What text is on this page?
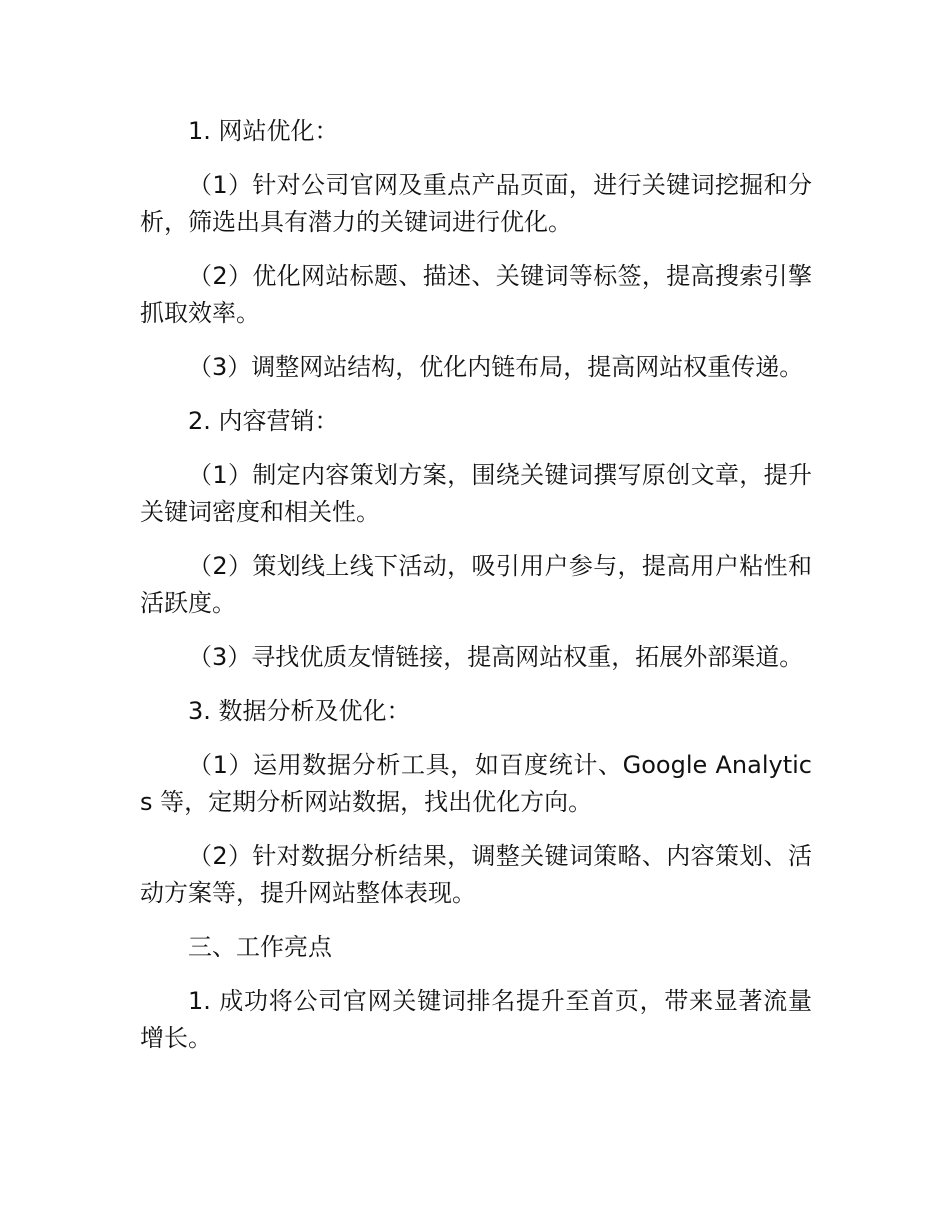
1. 网站优化：

（1）针对公司官网及重点产品页面，进行关键词挖掘和分析，筛选出具有潜力的关键词进行优化。

（2）优化网站标题、描述、关键词等标签，提高搜索引擎抓取效率。

（3）调整网站结构，优化内链布局，提高网站权重传递。

2. 内容营销：

（1）制定内容策划方案，围绕关键词撰写原创文章，提升关键词密度和相关性。

（2）策划线上线下活动，吸引用户参与，提高用户粘性和活跃度。

（3）寻找优质友情链接，提高网站权重，拓展外部渠道。

3. 数据分析及优化：

（1）运用数据分析工具，如百度统计、Google Analytics 等，定期分析网站数据，找出优化方向。

（2）针对数据分析结果，调整关键词策略、内容策划、活动方案等，提升网站整体表现。

三、工作亮点

1. 成功将公司官网关键词排名提升至首页，带来显著流量增长。
